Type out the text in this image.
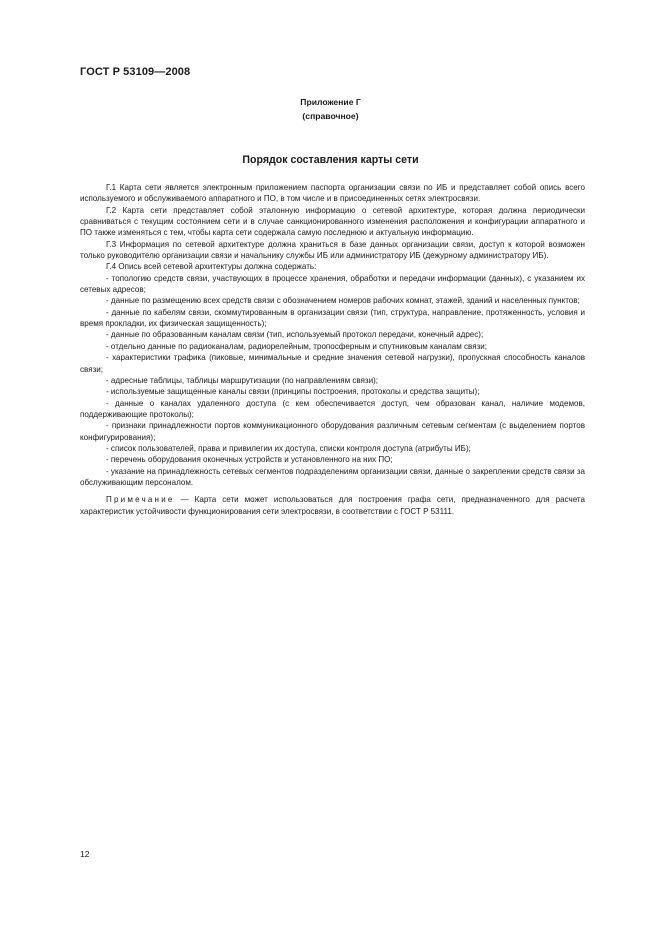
ГОСТ Р 53109—2008
Приложение Г
(справочное)
Порядок составления карты сети

Г.1 Карта сети является электронным приложением паспорта организации связи по ИБ и представляет собой опись всего используемого и обслуживаемого аппаратного и ПО, в том числе и в присоединенных сетях электросвязи.

Г.2 Карта сети представляет собой эталонную информацию о сетевой архитектуре, которая должна периодически сравниваться с текущим состоянием сети и в случае санкционированного изменения расположения и конфигурации аппаратного и ПО также изменяться с тем, чтобы карта сети содержала самую последнюю и актуальную информацию.

Г.3 Информация по сетевой архитектуре должна храниться в базе данных организации связи, доступ к которой возможен только руководителю организации связи и начальнику службы ИБ или администратору ИБ (дежурному администратору ИБ).

Г.4 Опись всей сетевой архитектуры должна содержать:

- топологию средств связи, участвующих в процессе хранения, обработки и передачи информации (данных), с указанием их сетевых адресов;

- данные по размещению всех средств связи с обозначением номеров рабочих комнат, этажей, зданий и населенных пунктов;

- данные по кабелям связи, скоммутированным в организации связи (тип, структура, направление, протяженность, условия и время прокладки, их физическая защищенность);

- данные по образованным каналам связи (тип, используемый протокол передачи, конечный адрес);

- отдельно данные по радиоканалам, радиорелейным, тропосферным и спутниковым каналам связи;

- характеристики трафика (пиковые, минимальные и средние значения сетевой нагрузки), пропускная способность каналов связи;

- адресные таблицы, таблицы маршрутизации (по направлениям связи);

- используемые защищенные каналы связи (принципы построения, протоколы и средства защиты);

- данные о каналах удаленного доступа (с кем обеспечивается доступ, чем образован канал, наличие модемов, поддерживающие протоколы);

- признаки принадлежности портов коммуникационного оборудования различным сетевым сегментам (с выделением портов конфигурирования);

- список пользователей, права и привилегии их доступа, списки контроля доступа (атрибуты ИБ);

- перечень оборудования оконечных устройств и установленного на них ПО;

- указание на принадлежность сетевых сегментов подразделениям организации связи, данные о закреплении средств связи за обслуживающим персоналом.

Примечание — Карта сети может использоваться для построения графа сети, предназначенного для расчета характеристик устойчивости функционирования сети электросвязи, в соответствии с ГОСТ Р 53111.

12
